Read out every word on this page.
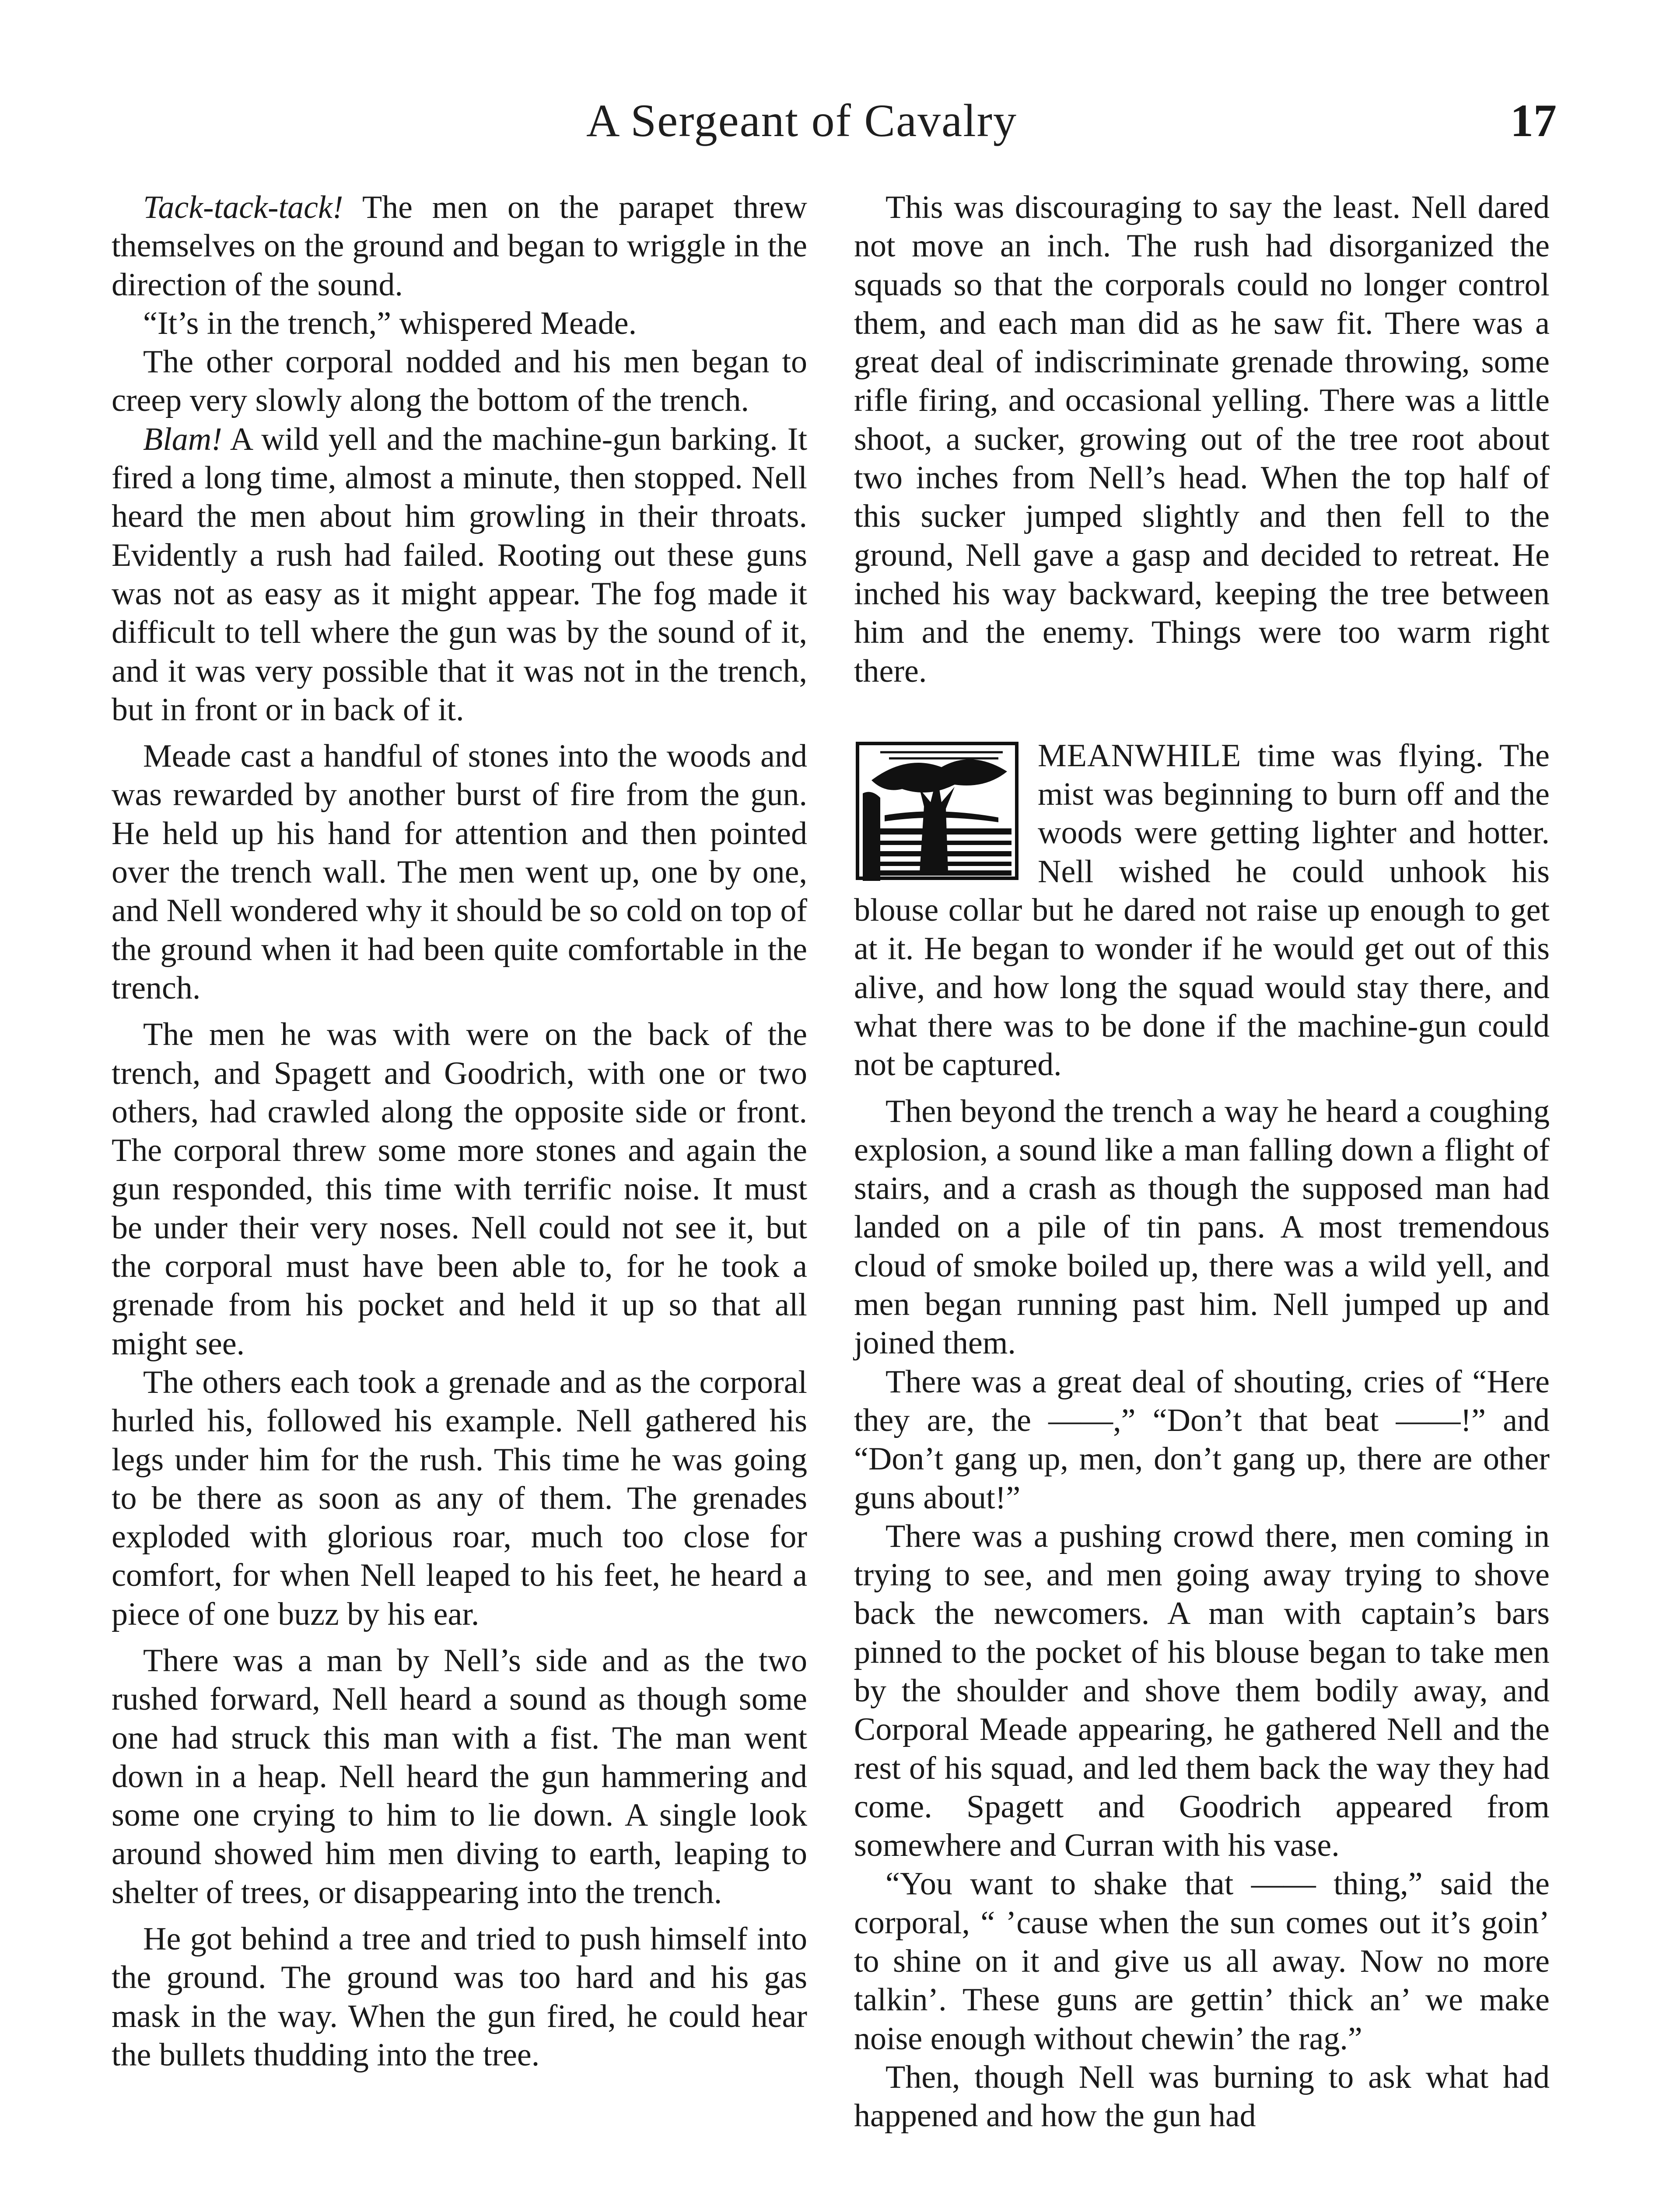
A Sergeant of Cavalry	17

Tack-tack-tack! The men on the parapet threw themselves on the ground and began to wriggle in the direction of the sound.

“It’s in the trench,” whispered Meade.

The other corporal nodded and his men began to creep very slowly along the bottom of the trench.

Blam! A wild yell and the machine-gun barking. It fired a long time, almost a minute, then stopped. Nell heard the men about him growling in their throats. Evidently a rush had failed. Rooting out these guns was not as easy as it might appear. The fog made it difficult to tell where the gun was by the sound of it, and it was very possible that it was not in the trench, but in front or in back of it.

Meade cast a handful of stones into the woods and was rewarded by another burst of fire from the gun. He held up his hand for attention and then pointed over the trench wall. The men went up, one by one, and Nell wondered why it should be so cold on top of the ground when it had been quite comfortable in the trench.

The men he was with were on the back of the trench, and Spagett and Goodrich, with one or two others, had crawled along the opposite side or front. The corporal threw some more stones and again the gun responded, this time with terrific noise. It must be under their very noses. Nell could not see it, but the corporal must have been able to, for he took a grenade from his pocket and held it up so that all might see.

The others each took a grenade and as the corporal hurled his, followed his example. Nell gathered his legs under him for the rush. This time he was going to be there as soon as any of them. The grenades exploded with glorious roar, much too close for comfort, for when Nell leaped to his feet, he heard a piece of one buzz by his ear.

There was a man by Nell’s side and as the two rushed forward, Nell heard a sound as though some one had struck this man with a fist. The man went down in a heap. Nell heard the gun hammering and some one crying to him to lie down. A single look around showed him men diving to earth, leaping to shelter of trees, or disappearing into the trench.

He got behind a tree and tried to push himself into the ground. The ground was too hard and his gas mask in the way. When the gun fired, he could hear the bullets thudding into the tree.

This was discouraging to say the least. Nell dared not move an inch. The rush had disorganized the squads so that the corporals could no longer control them, and each man did as he saw fit. There was a great deal of indiscriminate grenade throwing, some rifle firing, and occasional yelling. There was a little shoot, a sucker, growing out of the tree root about two inches from Nell’s head. When the top half of this sucker jumped slightly and then fell to the ground, Nell gave a gasp and decided to retreat. He inched his way backward, keeping the tree between him and the enemy. Things were too warm right there.

MEANWHILE time was flying. The mist was beginning to burn off and the woods were getting lighter and hotter. Nell wished he could unhook his blouse collar but he dared not raise up enough to get at it. He began to wonder if he would get out of this alive, and how long the squad would stay there, and what there was to be done if the machine-gun could not be captured.

Then beyond the trench a way he heard a coughing explosion, a sound like a man falling down a flight of stairs, and a crash as though the supposed man had landed on a pile of tin pans. A most tremendous cloud of smoke boiled up, there was a wild yell, and men began running past him. Nell jumped up and joined them.

There was a great deal of shouting, cries of “Here they are, the ——,” “Don’t that beat ——!” and “Don’t gang up, men, don’t gang up, there are other guns about!”

There was a pushing crowd there, men coming in trying to see, and men going away trying to shove back the newcomers. A man with captain’s bars pinned to the pocket of his blouse began to take men by the shoulder and shove them bodily away, and Corporal Meade appearing, he gathered Nell and the rest of his squad, and led them back the way they had come. Spagett and Goodrich appeared from somewhere and Curran with his vase.

“You want to shake that —— thing,” said the corporal, “ ’cause when the sun comes out it’s goin’ to shine on it and give us all away. Now no more talkin’. These guns are gettin’ thick an’ we make noise enough without chewin’ the rag.”

Then, though Nell was burning to ask what had happened and how the gun had
